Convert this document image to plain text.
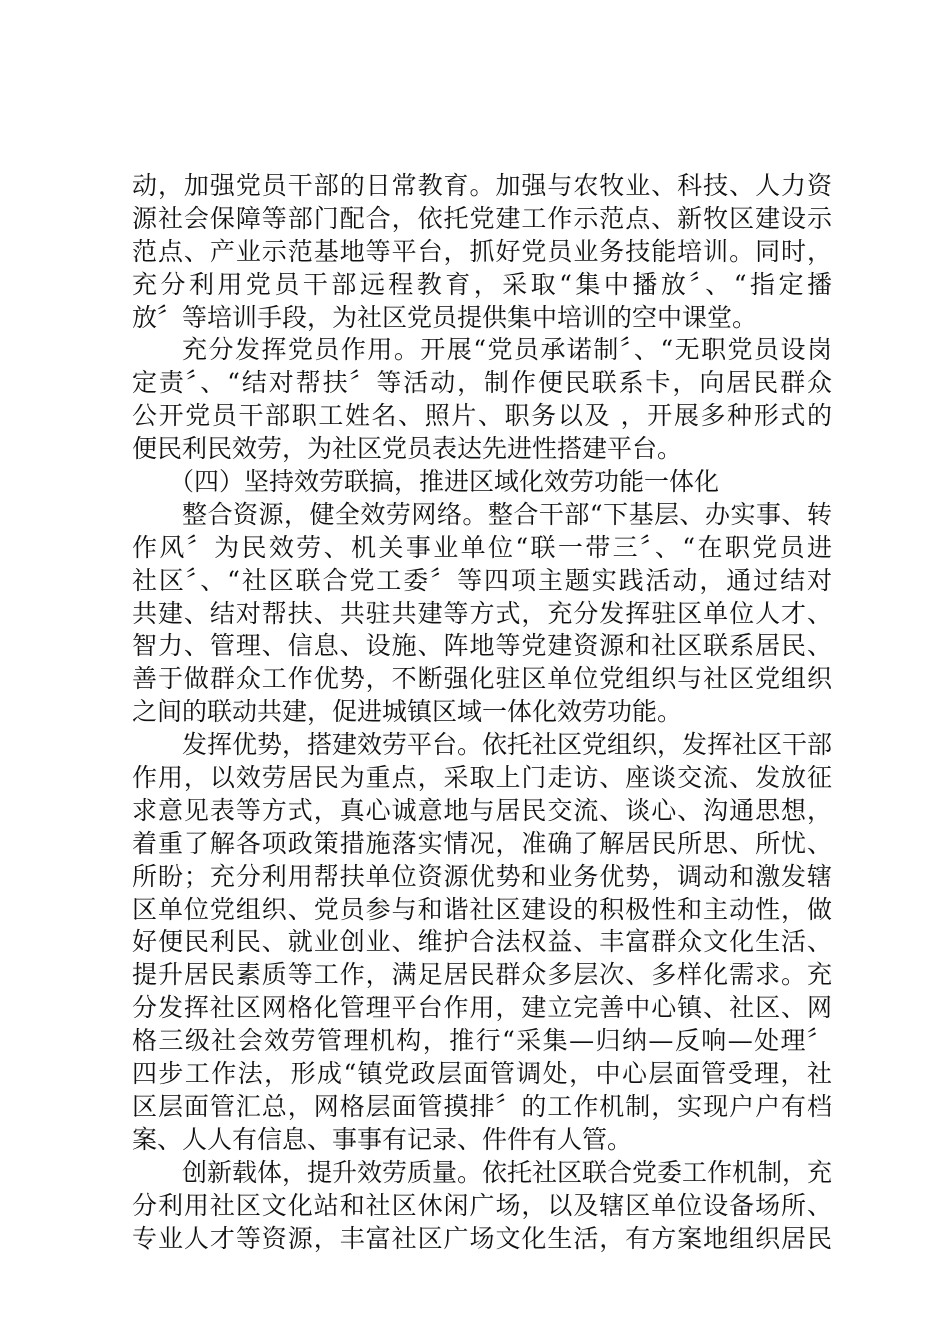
动，加强党员干部的日常教育。加强与农牧业、科技、人力资
源社会保障等部门配合，依托党建工作示范点、新牧区建设示
范点、产业示范基地等平台，抓好党员业务技能培训。同时，
充分利用党员干部远程教育，采取“集中播放〞、“指定播
放〞等培训手段，为社区党员提供集中培训的空中课堂。
充分发挥党员作用。开展“党员承诺制〞、“无职党员设岗
定责〞、“结对帮扶〞等活动，制作便民联系卡，向居民群众
公开党员干部职工姓名、照片、职务以及 ，开展多种形式的
便民利民效劳，为社区党员表达先进性搭建平台。
（四）坚持效劳联搞，推进区域化效劳功能一体化
整合资源，健全效劳网络。整合干部“下基层、办实事、转
作风〞为民效劳、机关事业单位“联一带三〞、“在职党员进
社区〞、“社区联合党工委〞等四项主题实践活动，通过结对
共建、结对帮扶、共驻共建等方式，充分发挥驻区单位人才、
智力、管理、信息、设施、阵地等党建资源和社区联系居民、
善于做群众工作优势，不断强化驻区单位党组织与社区党组织
之间的联动共建，促进城镇区域一体化效劳功能。
发挥优势，搭建效劳平台。依托社区党组织，发挥社区干部
作用，以效劳居民为重点，采取上门走访、座谈交流、发放征
求意见表等方式，真心诚意地与居民交流、谈心、沟通思想，
着重了解各项政策措施落实情况，准确了解居民所思、所忧、
所盼；充分利用帮扶单位资源优势和业务优势，调动和激发辖
区单位党组织、党员参与和谐社区建设的积极性和主动性，做
好便民利民、就业创业、维护合法权益、丰富群众文化生活、
提升居民素质等工作，满足居民群众多层次、多样化需求。充
分发挥社区网格化管理平台作用，建立完善中心镇、社区、网
格三级社会效劳管理机构，推行“采集—归纳—反响—处理〞
四步工作法，形成“镇党政层面管调处，中心层面管受理，社
区层面管汇总，网格层面管摸排〞的工作机制，实现户户有档
案、人人有信息、事事有记录、件件有人管。
创新载体，提升效劳质量。依托社区联合党委工作机制，充
分利用社区文化站和社区休闲广场，以及辖区单位设备场所、
专业人才等资源，丰富社区广场文化生活，有方案地组织居民
